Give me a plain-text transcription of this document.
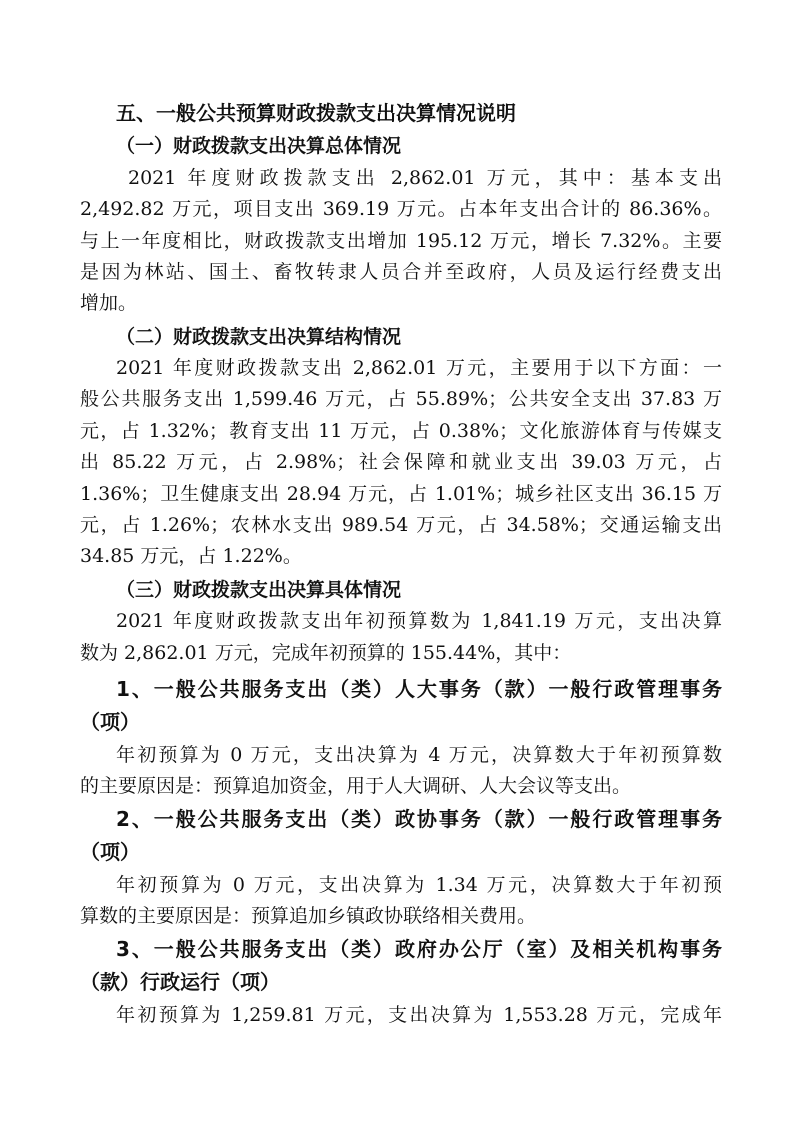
五、一般公共预算财政拨款支出决算情况说明
（一）财政拨款支出决算总体情况
2021 年度财政拨款支出 2,862.01 万元，其中：基本支出
2,492.82 万元，项目支出 369.19 万元。占本年支出合计的 86.36%。
与上一年度相比，财政拨款支出增加 195.12 万元，增长 7.32%。主要
是因为林站、国土、畜牧转隶人员合并至政府，人员及运行经费支出
增加。
（二）财政拨款支出决算结构情况
2021 年度财政拨款支出 2,862.01 万元，主要用于以下方面：一
般公共服务支出 1,599.46 万元，占 55.89%；公共安全支出 37.83 万
元，占 1.32%；教育支出 11 万元，占 0.38%；文化旅游体育与传媒支
出 85.22 万元，占 2.98%；社会保障和就业支出 39.03 万元，占
1.36%；卫生健康支出 28.94 万元，占 1.01%；城乡社区支出 36.15 万
元，占 1.26%；农林水支出 989.54 万元，占 34.58%；交通运输支出
34.85 万元，占 1.22%。
（三）财政拨款支出决算具体情况
2021 年度财政拨款支出年初预算数为 1,841.19 万元，支出决算
数为 2,862.01 万元，完成年初预算的 155.44%，其中：
1、一般公共服务支出（类）人大事务（款）一般行政管理事务
（项）
年初预算为 0 万元，支出决算为 4 万元，决算数大于年初预算数
的主要原因是：预算追加资金，用于人大调研、人大会议等支出。
2、一般公共服务支出（类）政协事务（款）一般行政管理事务
（项）
年初预算为 0 万元，支出决算为 1.34 万元，决算数大于年初预
算数的主要原因是：预算追加乡镇政协联络相关费用。
3、一般公共服务支出（类）政府办公厅（室）及相关机构事务
（款）行政运行（项）
年初预算为 1,259.81 万元，支出决算为 1,553.28 万元，完成年
